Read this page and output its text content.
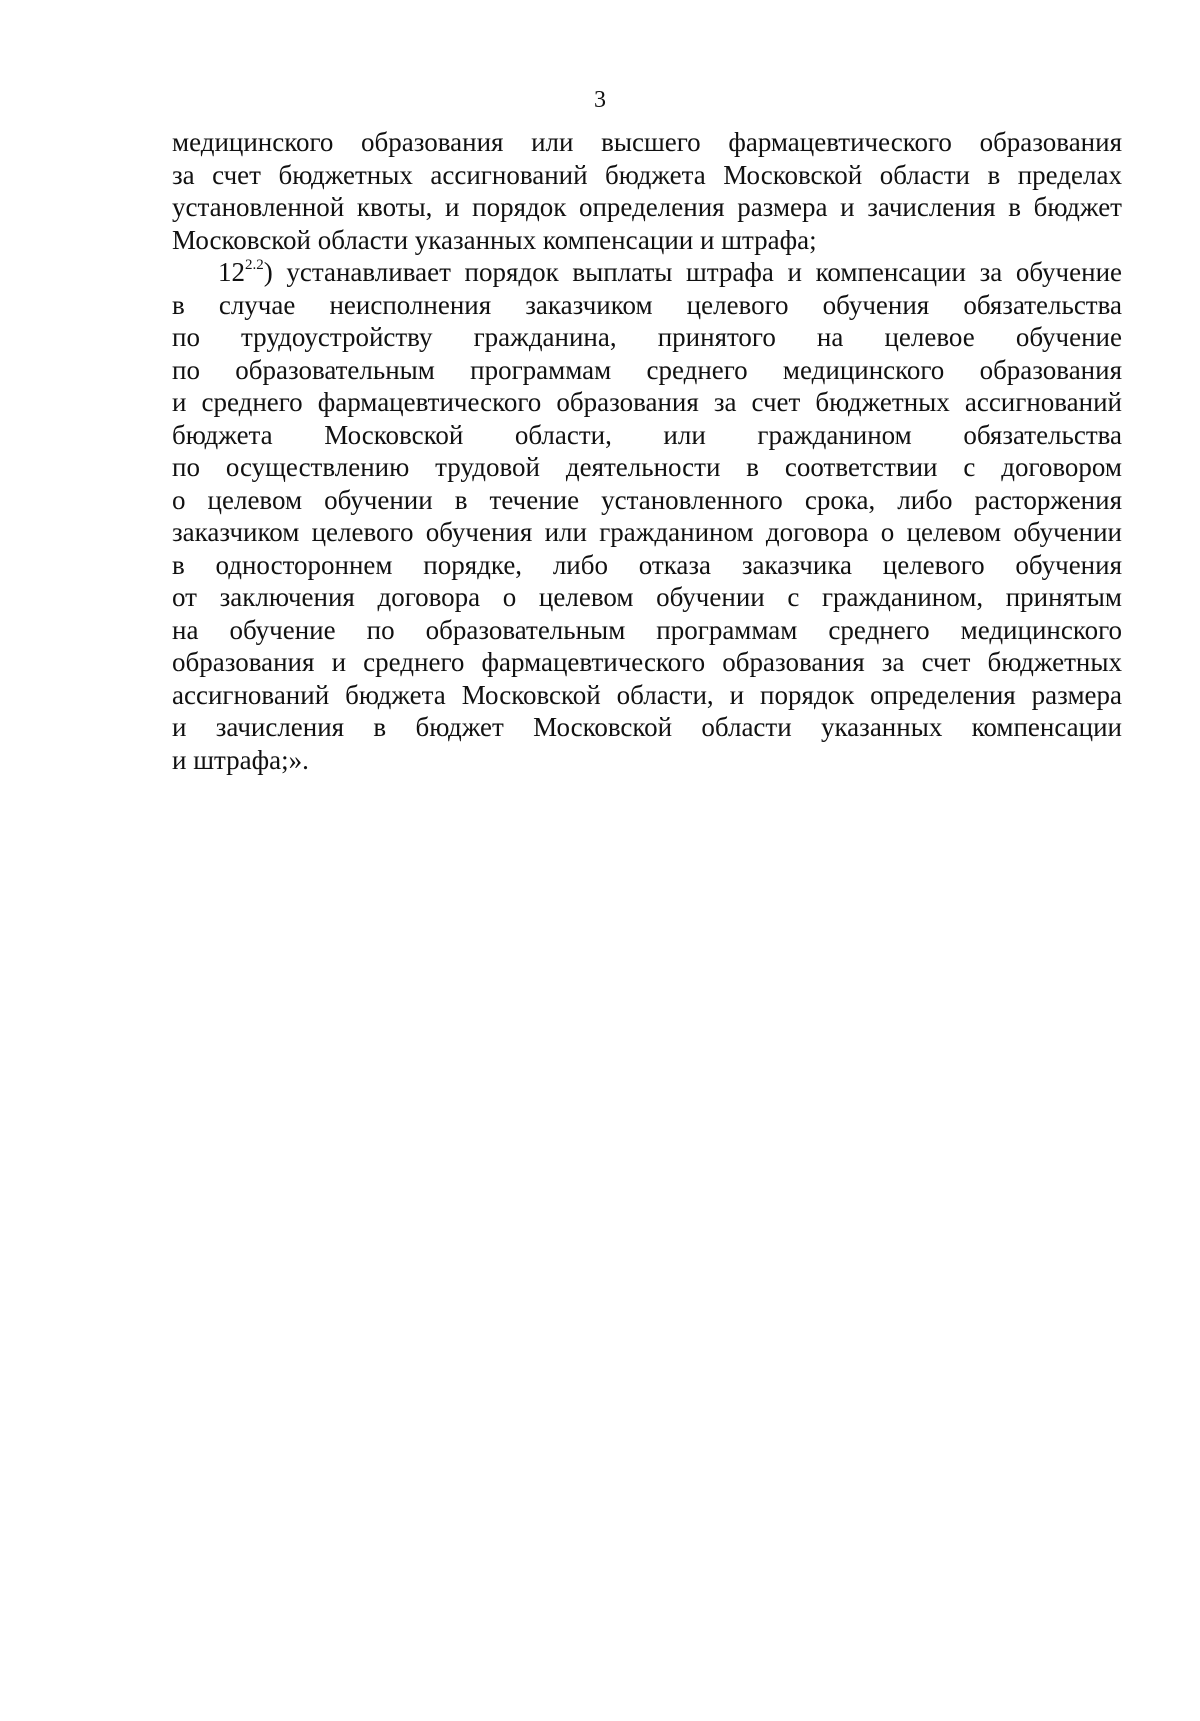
3
медицинского образования или высшего фармацевтического образования
за счет бюджетных ассигнований бюджета Московской области в пределах
установленной квоты, и порядок определения размера и зачисления в бюджет
Московской области указанных компенсации и штрафа;
$12^{2.2}$) устанавливает порядок выплаты штрафа и компенсации за обучение
в случае неисполнения заказчиком целевого обучения обязательства
по трудоустройству гражданина, принятого на целевое обучение
по образовательным программам среднего медицинского образования
и среднего фармацевтического образования за счет бюджетных ассигнований
бюджета Московской области, или гражданином обязательства
по осуществлению трудовой деятельности в соответствии с договором
о целевом обучении в течение установленного срока, либо расторжения
заказчиком целевого обучения или гражданином договора о целевом обучении
в одностороннем порядке, либо отказа заказчика целевого обучения
от заключения договора о целевом обучении с гражданином, принятым
на обучение по образовательным программам среднего медицинского
образования и среднего фармацевтического образования за счет бюджетных
ассигнований бюджета Московской области, и порядок определения размера
и зачисления в бюджет Московской области указанных компенсации
и штрафа;».
